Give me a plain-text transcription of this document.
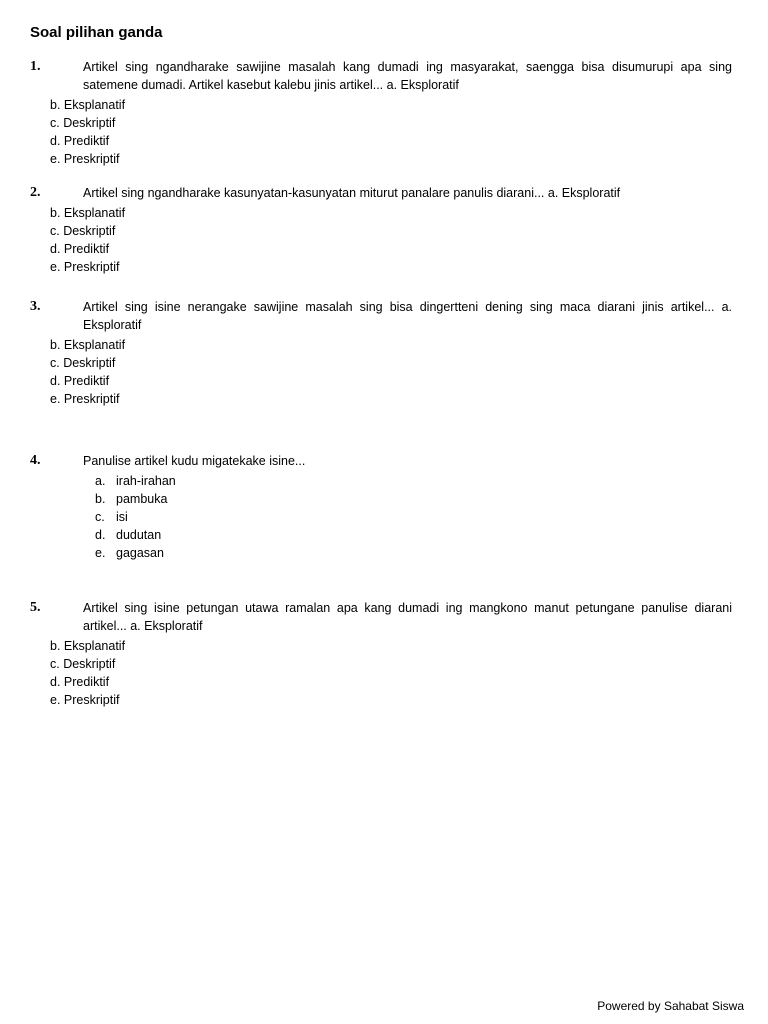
Soal pilihan ganda
1.	Artikel sing ngandharake sawijine masalah kang dumadi ing masyarakat, saengga bisa disumurupi apa sing satemene dumadi. Artikel kasebut kalebu jinis artikel... a. Eksploratif
b. Eksplanatif
c. Deskriptif
d. Prediktif
e. Preskriptif
2.	Artikel sing ngandharake kasunyatan-kasunyatan miturut panalare panulis diarani... a. Eksploratif
b. Eksplanatif
c. Deskriptif
d. Prediktif
e. Preskriptif
3.	Artikel sing isine nerangake sawijine masalah sing bisa dingertteni dening sing maca diarani jinis artikel... a. Eksploratif
b. Eksplanatif
c. Deskriptif
d. Prediktif
e. Preskriptif
4.	Panulise artikel kudu migatekake isine...
a. irah-irahan
b. pambuka
c. isi
d. dudutan
e. gagasan
5.	Artikel sing isine petungan utawa ramalan apa kang dumadi ing mangkono manut petungane panulise diarani artikel... a. Eksploratif
b. Eksplanatif
c. Deskriptif
d. Prediktif
e. Preskriptif
Powered by Sahabat Siswa
